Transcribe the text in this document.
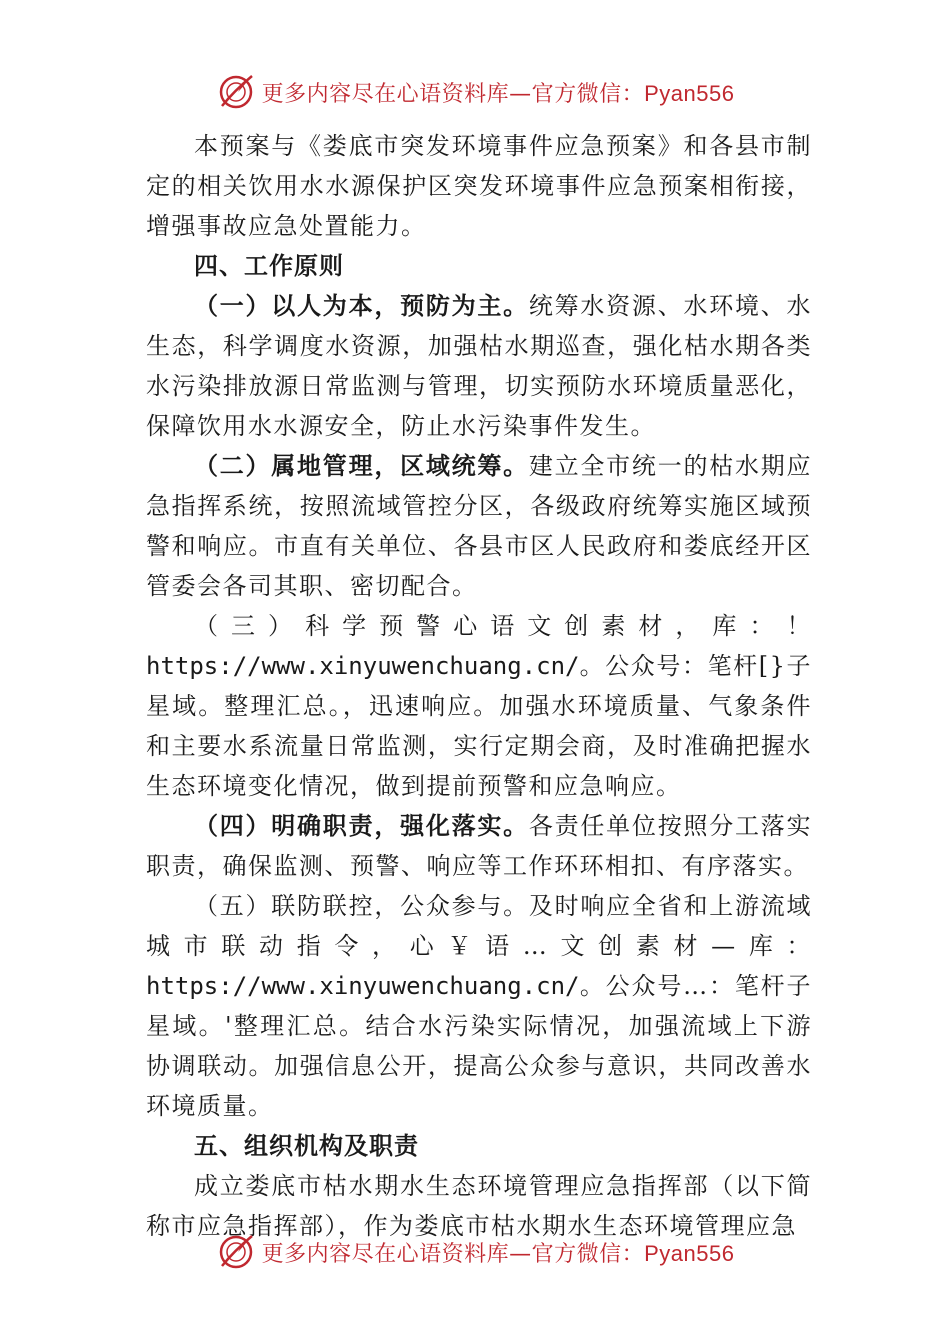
更多内容尽在心语资料库—官方微信：Pyan556

本预案与《娄底市突发环境事件应急预案》和各县市制定的相关饮用水水源保护区突发环境事件应急预案相衔接， 增强事故应急处置能力。

四、工作原则

（一）以人为本，预防为主。统筹水资源、水环境、水生态，科学调度水资源，加强枯水期巡查，强化枯水期各类水污染排放源日常监测与管理，切实预防水环境质量恶化， 保障饮用水水源安全，防止水污染事件发生。

（二）属地管理，区域统筹。建立全市统一的枯水期应急指挥系统，按照流域管控分区，各级政府统筹实施区域预警和响应。市直有关单位、各县市区人民政府和娄底经开区管委会各司其职、密切配合。

（三）科学预警心语文创素材，库：！https://www.xinyuwenchuang.cn/。公众号：笔杆[}子星域。整理汇总。，迅速响应。加强水环境质量、气象条件和主要水系流量日常监测，实行定期会商，及时准确把握水生态环境变化情况，做到提前预警和应急响应。

（四）明确职责，强化落实。各责任单位按照分工落实职责，确保监测、预警、响应等工作环环相扣、有序落实。

（五）联防联控，公众参与。及时响应全省和上游流域城市联动指令，心￥语…文创素材—库：https://www.xinyuwenchuang.cn/。公众号…：笔杆子星域。'整理汇总。结合水污染实际情况，加强流域上下游协调联动。加强信息公开，提高公众参与意识，共同改善水环境质量。

五、组织机构及职责

成立娄底市枯水期水生态环境管理应急指挥部（以下简称市应急指挥部），作为娄底市枯水期水生态环境管理应急

更多内容尽在心语资料库—官方微信：Pyan556
